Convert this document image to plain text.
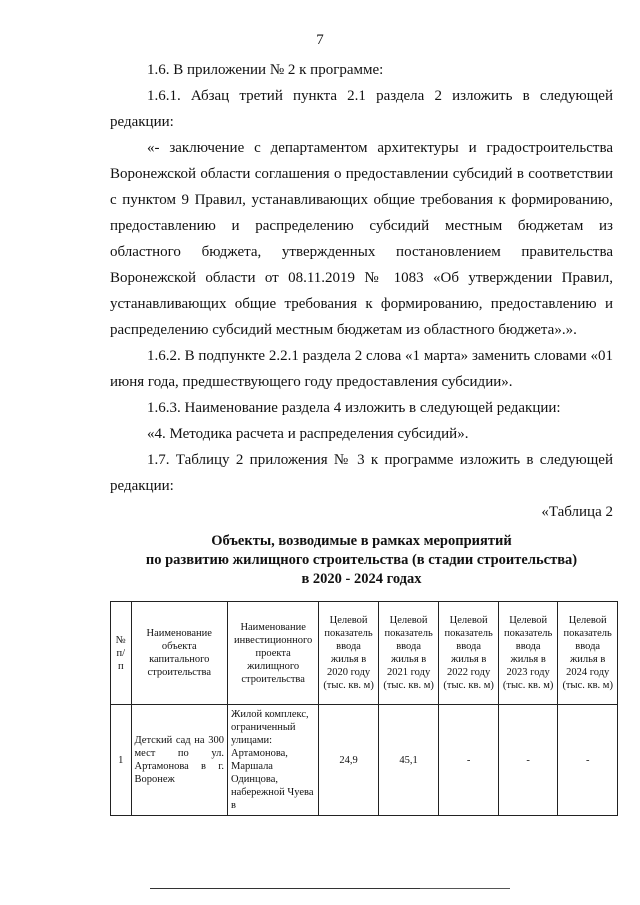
7

1.6. В приложении № 2 к программе:

1.6.1. Абзац третий пункта 2.1 раздела 2 изложить в следующей редакции:

«- заключение с департаментом архитектуры и градостроительства Воронежской области соглашения о предоставлении субсидий в соответствии с пунктом 9 Правил, устанавливающих общие требования к формированию, предоставлению и распределению субсидий местным бюджетам из областного бюджета, утвержденных постановлением правительства Воронежской области от 08.11.2019 № 1083 «Об утверждении Правил, устанавливающих общие требования к формированию, предоставлению и распределению субсидий местным бюджетам из областного бюджета».».

1.6.2. В подпункте 2.2.1 раздела 2 слова «1 марта» заменить словами «01 июня года, предшествующего году предоставления субсидии».

1.6.3. Наименование раздела 4 изложить в следующей редакции:

«4. Методика расчета и распределения субсидий».

1.7. Таблицу 2 приложения № 3 к программе изложить в следующей редакции:

«Таблица 2

Объекты, возводимые в рамках мероприятий
по развитию жилищного строительства (в стадии строительства)
в 2020 - 2024 годах
№ п/п	Наименование объекта капитального строительства	Наименование инвестиционного проекта жилищного строительства	Целевой показатель ввода жилья в 2020 году (тыс. кв. м)	Целевой показатель ввода жилья в 2021 году (тыс. кв. м)	Целевой показатель ввода жилья в 2022 году (тыс. кв. м)	Целевой показатель ввода жилья в 2023 году (тыс. кв. м)	Целевой показатель ввода жилья в 2024 году (тыс. кв. м)
1	Детский сад на 300 мест по ул. Артамонова в г. Воронеж	Жилой комплекс, ограниченный улицами: Артамонова, Маршала Одинцова, набережной Чуева в	24,9	45,1	-	-	-
